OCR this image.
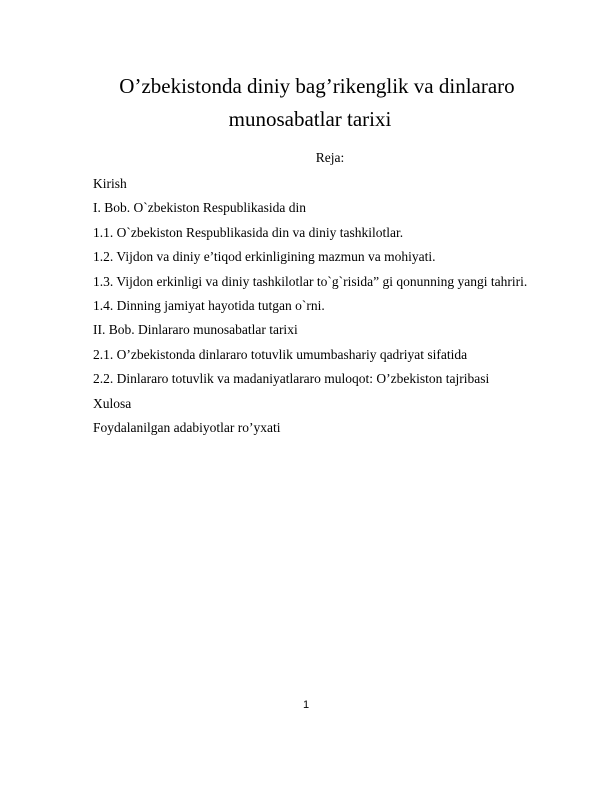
O’zbekistonda diniy bag’rikenglik va dinlararo
munosabatlar tarixi
Reja:
Kirish
I. Bob. O`zbekiston Respublikasida din
1.1. O`zbekiston Respublikasida din va diniy tashkilotlar.
1.2. Vijdon va diniy e’tiqod erkinligining mazmun va mohiyati.
1.3. Vijdon erkinligi va diniy tashkilotlar to`g`risida” gi qonunning yangi tahriri.
1.4. Dinning jamiyat hayotida tutgan o`rni.
II. Bob. Dinlararo munosabatlar tarixi
2.1. O’zbekistonda dinlararo totuvlik umumbashariy qadriyat sifatida
2.2. Dinlararo totuvlik va madaniyatlararo muloqot: O’zbekiston tajribasi
Xulosa
Foydalanilgan adabiyotlar ro’yxati
1
